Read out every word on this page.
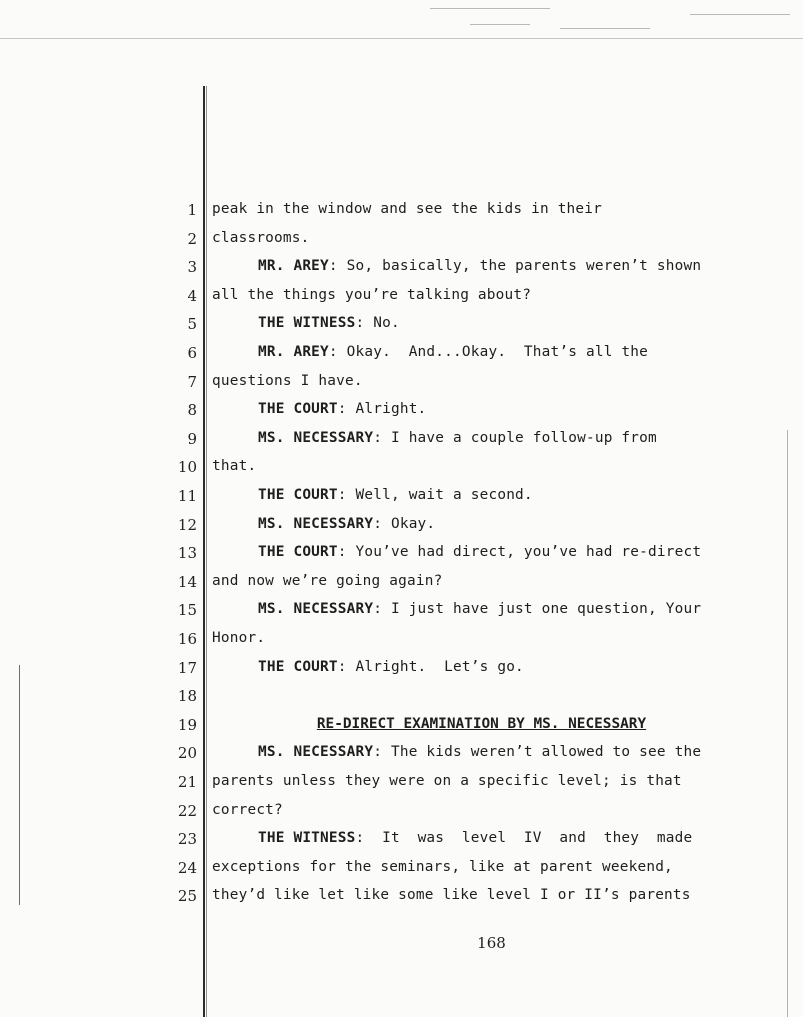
1 peak in the window and see the kids in their
2 classrooms.
3	MR. AREY: So, basically, the parents weren’t shown
4 all the things you’re talking about?
5	THE WITNESS: No.
6	MR. AREY: Okay.  And...Okay.  That’s all the
7 questions I have.
8	THE COURT: Alright.
9	MS. NECESSARY: I have a couple follow-up from
10 that.
11	THE COURT: Well, wait a second.
12	MS. NECESSARY: Okay.
13	THE COURT: You’ve had direct, you’ve had re-direct
14 and now we’re going again?
15	MS. NECESSARY: I just have just one question, Your
16 Honor.
17	THE COURT: Alright.  Let’s go.
18
19	RE-DIRECT EXAMINATION BY MS. NECESSARY
20	MS. NECESSARY: The kids weren’t allowed to see the
21 parents unless they were on a specific level; is that
22 correct?
23	THE WITNESS:  It  was  level  IV  and  they  made
24 exceptions for the seminars, like at parent weekend,
25 they’d like let like some like level I or II’s parents
168
